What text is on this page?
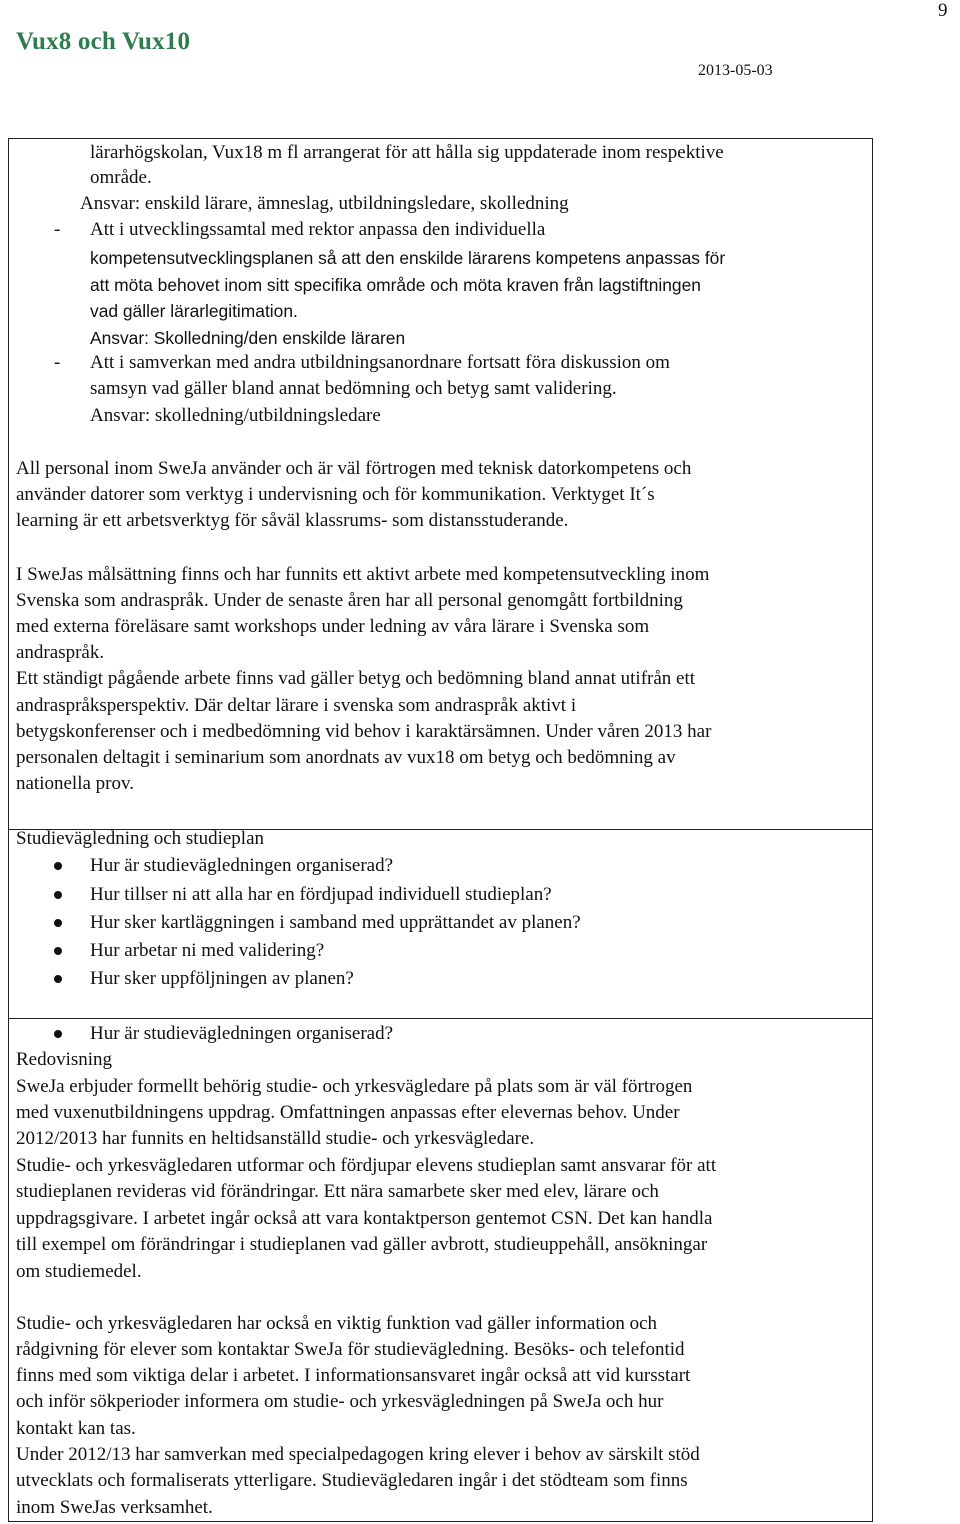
9
Vux8 och Vux10
2013-05-03
lärarhögskolan, Vux18 m fl arrangerat för att hålla sig uppdaterade inom respektive
område.
Ansvar: enskild lärare, ämneslag, utbildningsledare, skolledning
- Att i utvecklingssamtal med rektor anpassa den individuella
kompetensutvecklingsplanen så att den enskilde lärarens kompetens anpassas för
att möta behovet inom sitt specifika område och möta kraven från lagstiftningen
vad gäller lärarlegitimation.
Ansvar: Skolledning/den enskilde läraren
- Att i samverkan med andra utbildningsanordnare fortsatt föra diskussion om
samsyn vad gäller bland annat bedömning och betyg samt validering.
Ansvar: skolledning/utbildningsledare
All personal inom SweJa använder och är väl förtrogen med teknisk datorkompetens och
använder datorer som verktyg i undervisning och för kommunikation. Verktyget It´s
learning är ett arbetsverktyg för såväl klassrums- som distansstuderande.
I SweJas målsättning finns och har funnits ett aktivt arbete med kompetensutveckling inom
Svenska som andraspråk. Under de senaste åren har all personal genomgått fortbildning
med externa föreläsare samt workshops under ledning av våra lärare i Svenska som
andraspråk.
Ett ständigt pågående arbete finns vad gäller betyg och bedömning bland annat utifrån ett
andraspråksperspektiv. Där deltar lärare i svenska som andraspråk aktivt i
betygskonferenser och i medbedömning vid behov i karaktärsämnen. Under våren 2013 har
personalen deltagit i seminarium som anordnats av vux18 om betyg och bedömning av
nationella prov.
Studievägledning och studieplan
Hur är studievägledningen organiserad?
Hur tillser ni att alla har en fördjupad individuell studieplan?
Hur sker kartläggningen i samband med upprättandet av planen?
Hur arbetar ni med validering?
Hur sker uppföljningen av planen?
Hur är studievägledningen organiserad?
Redovisning
SweJa erbjuder formellt behörig studie- och yrkesvägledare på plats som är väl förtrogen
med vuxenutbildningens uppdrag. Omfattningen anpassas efter elevernas behov. Under
2012/2013 har funnits en heltidsanställd studie- och yrkesvägledare.
Studie- och yrkesvägledaren utformar och fördjupar elevens studieplan samt ansvarar för att
studieplanen revideras vid förändringar. Ett nära samarbete sker med elev, lärare och
uppdragsgivare. I arbetet ingår också att vara kontaktperson gentemot CSN. Det kan handla
till exempel om förändringar i studieplanen vad gäller avbrott, studieuppehåll, ansökningar
om studiemedel.
Studie- och yrkesvägledaren har också en viktig funktion vad gäller information och
rådgivning för elever som kontaktar SweJa för studievägledning. Besöks- och telefontid
finns med som viktiga delar i arbetet. I informationsansvaret ingår också att vid kursstart
och inför sökperioder informera om studie- och yrkesvägledningen på SweJa och hur
kontakt kan tas.
Under 2012/13 har samverkan med specialpedagogen kring elever i behov av särskilt stöd
utvecklats och formaliserats ytterligare. Studievägledaren ingår i det stödteam som finns
inom SweJas verksamhet.
